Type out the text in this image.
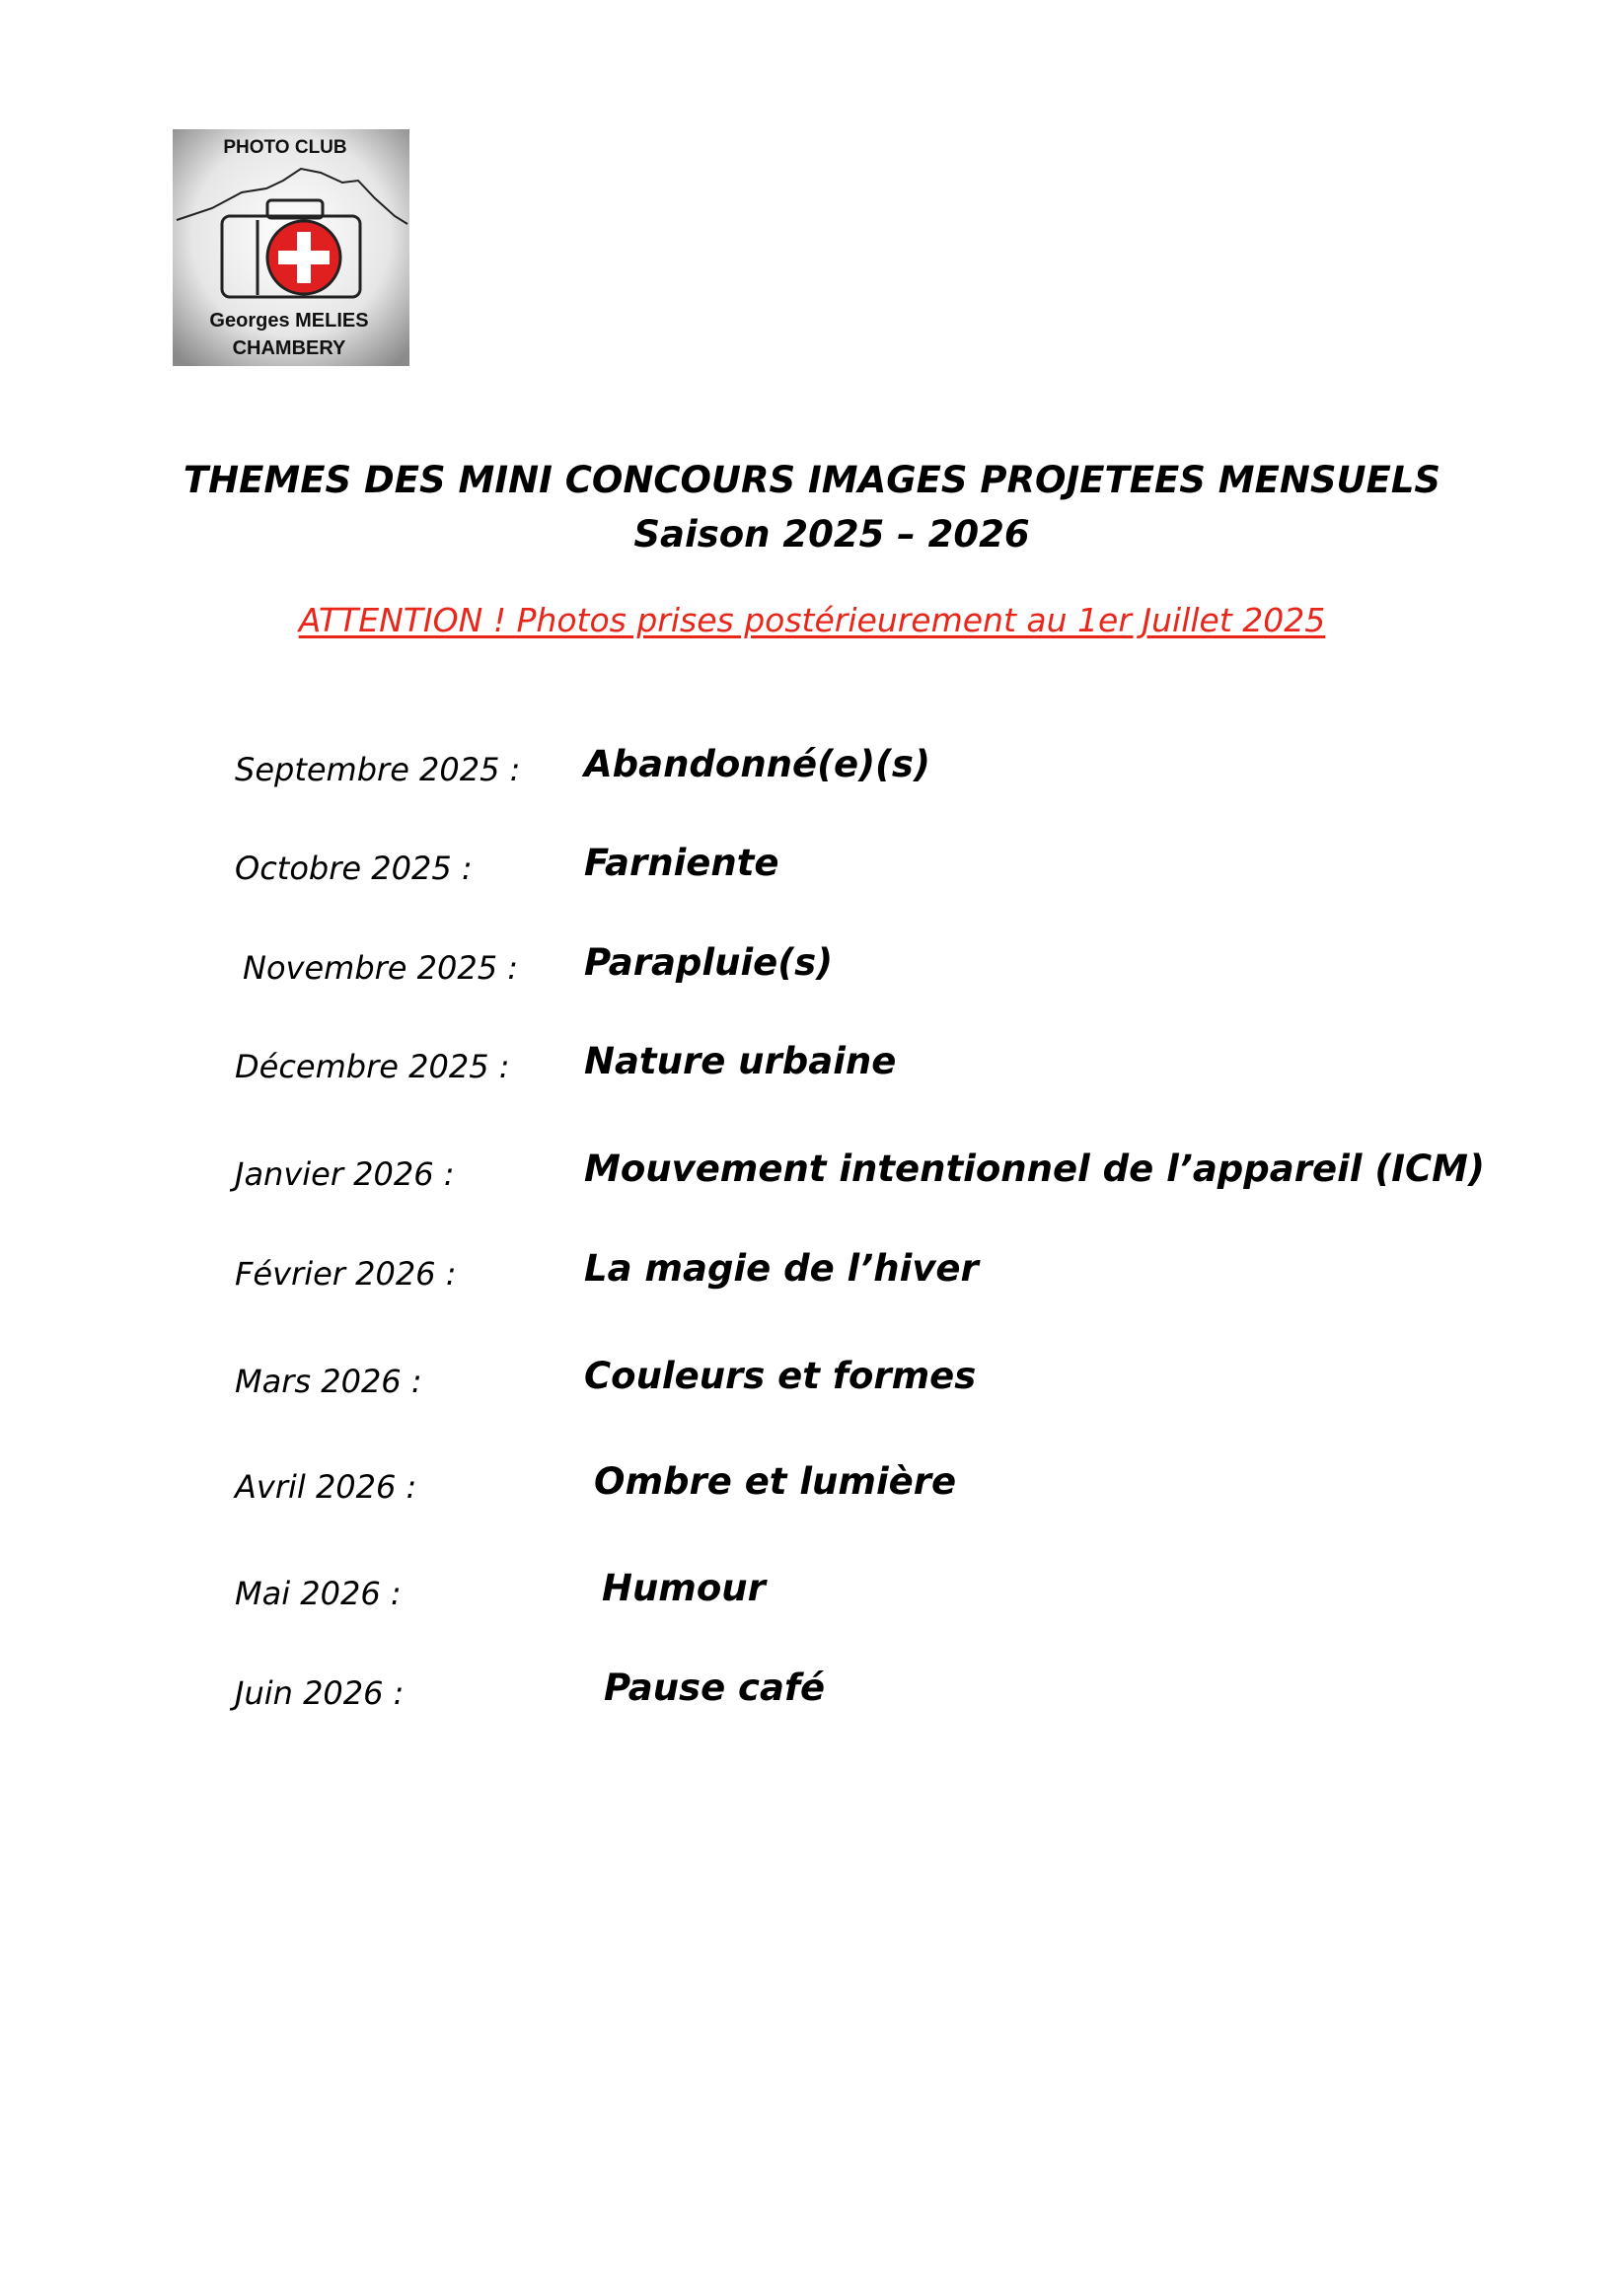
PHOTO CLUB
Georges MELIES
CHAMBERY
THEMES DES MINI CONCOURS IMAGES PROJETEES MENSUELS
Saison 2025 – 2026
ATTENTION ! Photos prises postérieurement au 1er Juillet 2025
Septembre 2025 : Abandonné(e)(s)
Octobre 2025 :	Farniente
Novembre 2025 : Parapluie(s)
Décembre 2025 : Nature urbaine
Janvier 2026 :	Mouvement intentionnel de l’appareil (ICM)
Février 2026 :	La magie de l’hiver
Mars 2026 :	Couleurs et formes
Avril 2026 :	Ombre et lumière
Mai 2026 :	Humour
Juin 2026 :	Pause café
